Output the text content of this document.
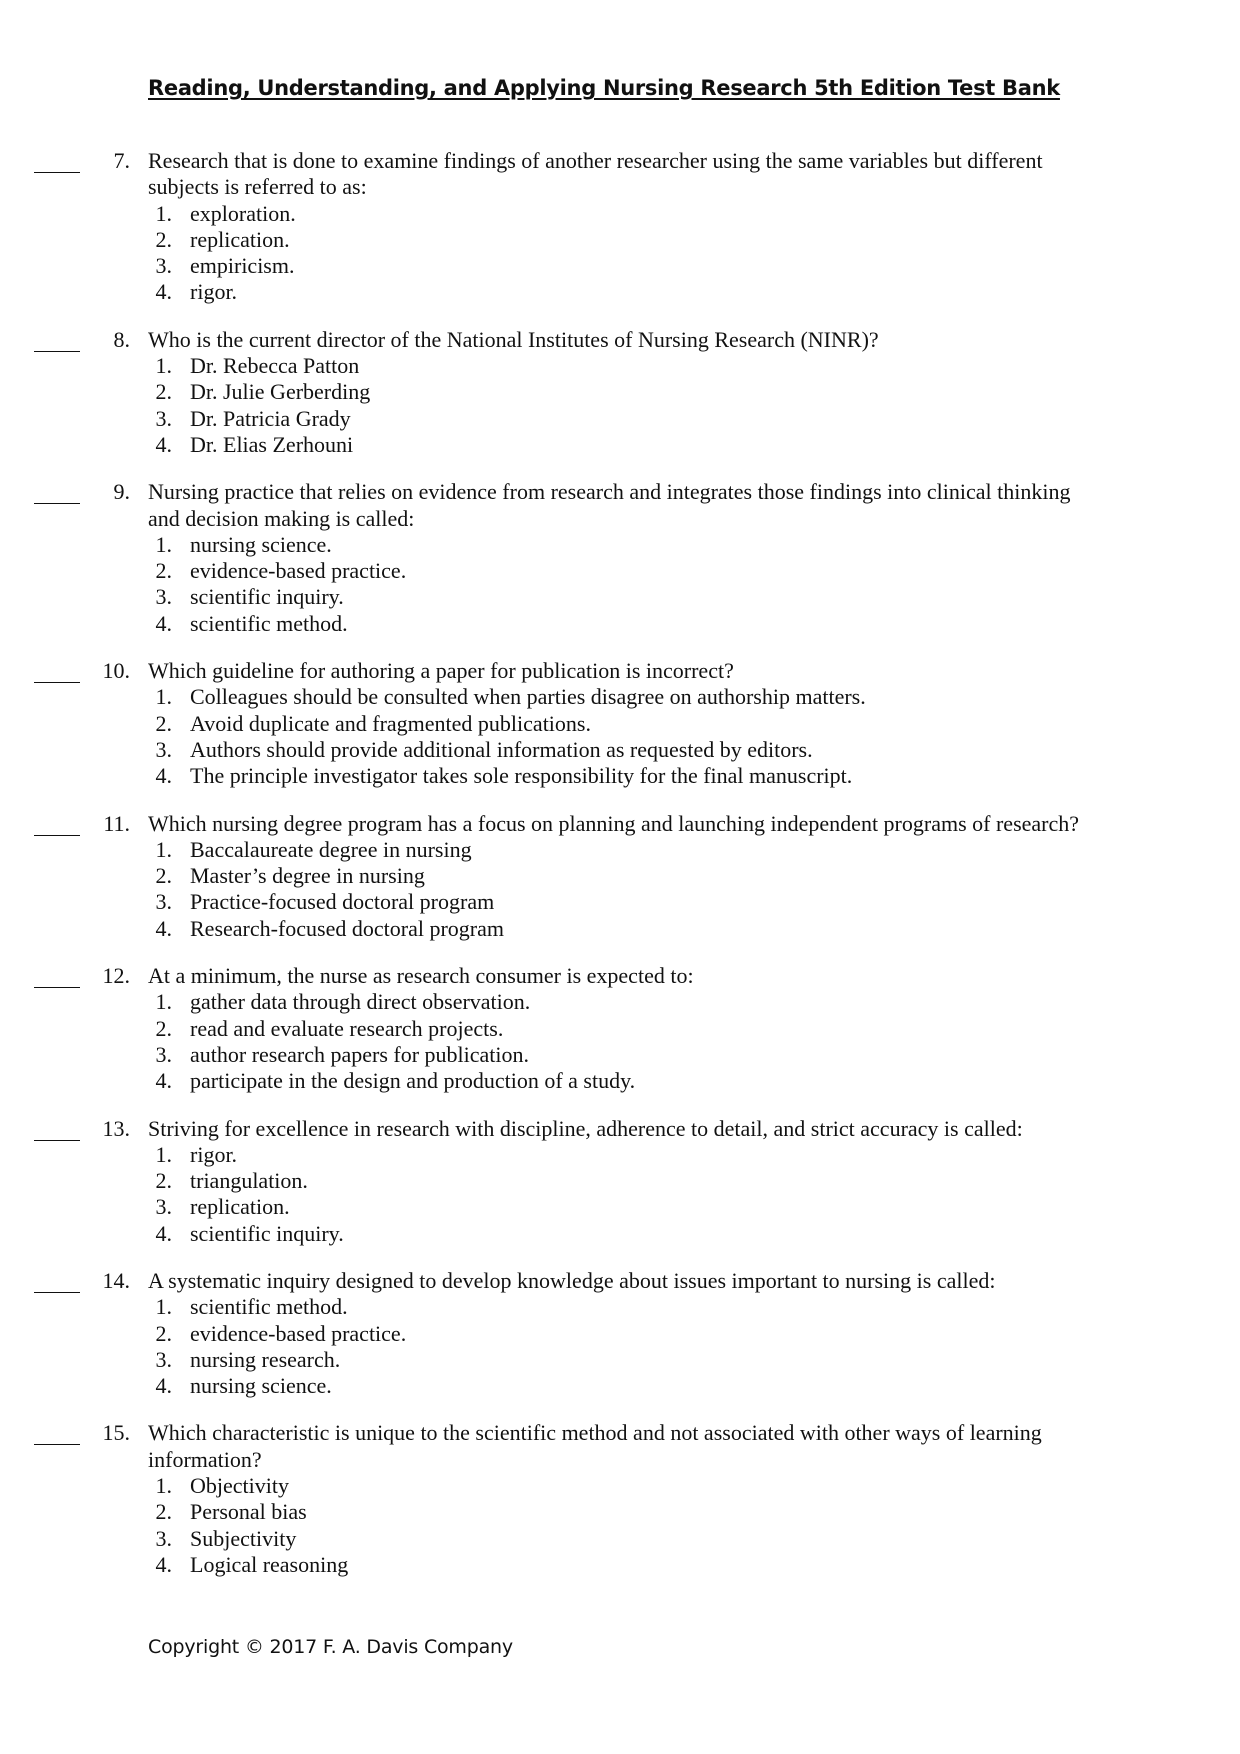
Reading, Understanding, and Applying Nursing Research 5th Edition Test Bank
7. Research that is done to examine findings of another researcher using the same variables but different subjects is referred to as:
1. exploration.
2. replication.
3. empiricism.
4. rigor.
8. Who is the current director of the National Institutes of Nursing Research (NINR)?
1. Dr. Rebecca Patton
2. Dr. Julie Gerberding
3. Dr. Patricia Grady
4. Dr. Elias Zerhouni
9. Nursing practice that relies on evidence from research and integrates those findings into clinical thinking and decision making is called:
1. nursing science.
2. evidence-based practice.
3. scientific inquiry.
4. scientific method.
10. Which guideline for authoring a paper for publication is incorrect?
1. Colleagues should be consulted when parties disagree on authorship matters.
2. Avoid duplicate and fragmented publications.
3. Authors should provide additional information as requested by editors.
4. The principle investigator takes sole responsibility for the final manuscript.
11. Which nursing degree program has a focus on planning and launching independent programs of research?
1. Baccalaureate degree in nursing
2. Master’s degree in nursing
3. Practice-focused doctoral program
4. Research-focused doctoral program
12. At a minimum, the nurse as research consumer is expected to:
1. gather data through direct observation.
2. read and evaluate research projects.
3. author research papers for publication.
4. participate in the design and production of a study.
13. Striving for excellence in research with discipline, adherence to detail, and strict accuracy is called:
1. rigor.
2. triangulation.
3. replication.
4. scientific inquiry.
14. A systematic inquiry designed to develop knowledge about issues important to nursing is called:
1. scientific method.
2. evidence-based practice.
3. nursing research.
4. nursing science.
15. Which characteristic is unique to the scientific method and not associated with other ways of learning information?
1. Objectivity
2. Personal bias
3. Subjectivity
4. Logical reasoning
Copyright © 2017 F. A. Davis Company
